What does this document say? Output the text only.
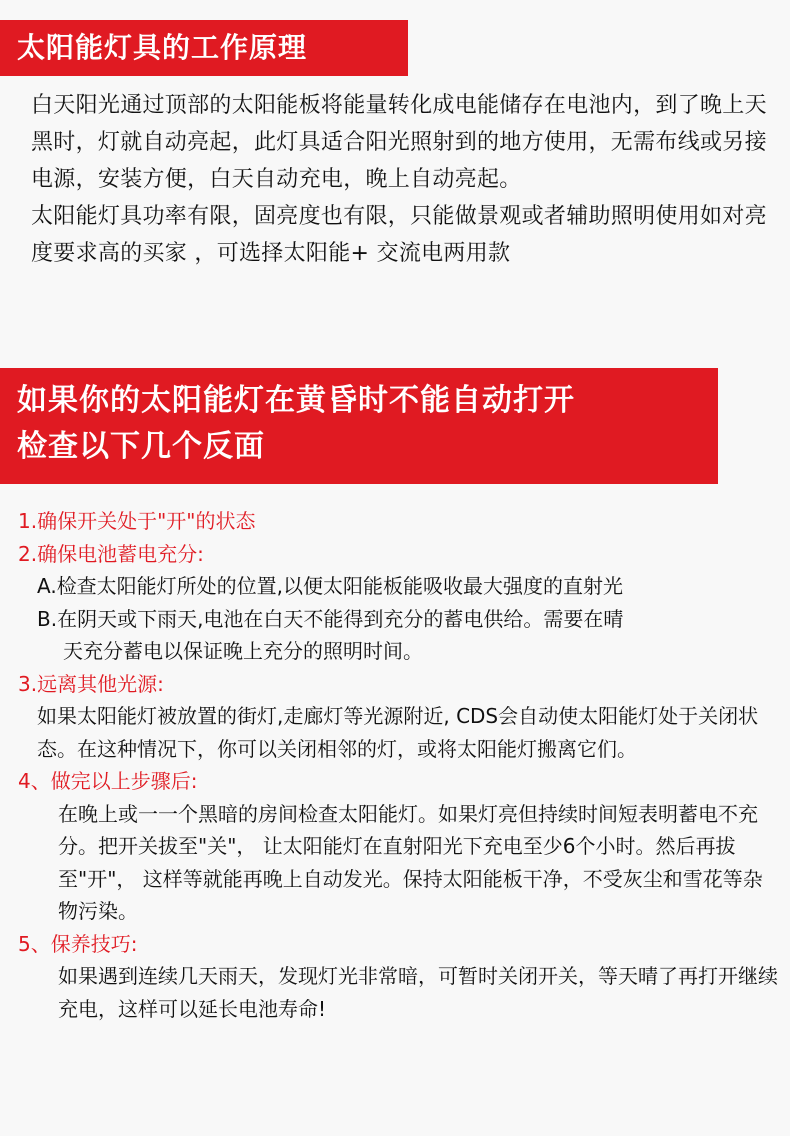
太阳能灯具的工作原理

白天阳光通过顶部的太阳能板将能量转化成电能储存在电池内，到了晚上天黑时，灯就自动亮起，此灯具适合阳光照射到的地方使用，无需布线或另接电源，安装方便，白天自动充电，晚上自动亮起。

太阳能灯具功率有限，固亮度也有限，只能做景观或者辅助照明使用如对亮度要求高的买家 ，可选择太阳能+ 交流电两用款

如果你的太阳能灯在黄昏时不能自动打开
检查以下几个反面

1.确保开关处于"开"的状态

2.确保电池蓄电充分:

A.检查太阳能灯所处的位置,以便太阳能板能吸收最大强度的直射光

B.在阴天或下雨天,电池在白天不能得到充分的蓄电供给。需要在晴

天充分蓄电以保证晚上充分的照明时间。

3.远离其他光源:

如果太阳能灯被放置的街灯,走廊灯等光源附近, CDS会自动使太阳能灯处于关闭状态。在这种情况下，你可以关闭相邻的灯，或将太阳能灯搬离它们。

4、做完以上步骤后:

在晚上或一一个黑暗的房间检查太阳能灯。如果灯亮但持续时间短表明蓄电不充分。把开关拔至"关"， 让太阳能灯在直射阳光下充电至少6个小时。然后再拔至"开"， 这样等就能再晚上自动发光。保持太阳能板干净，不受灰尘和雪花等杂物污染。

5、保养技巧:

如果遇到连续几天雨天，发现灯光非常暗，可暂时关闭开关，等天晴了再打开继续充电，这样可以延长电池寿命!
